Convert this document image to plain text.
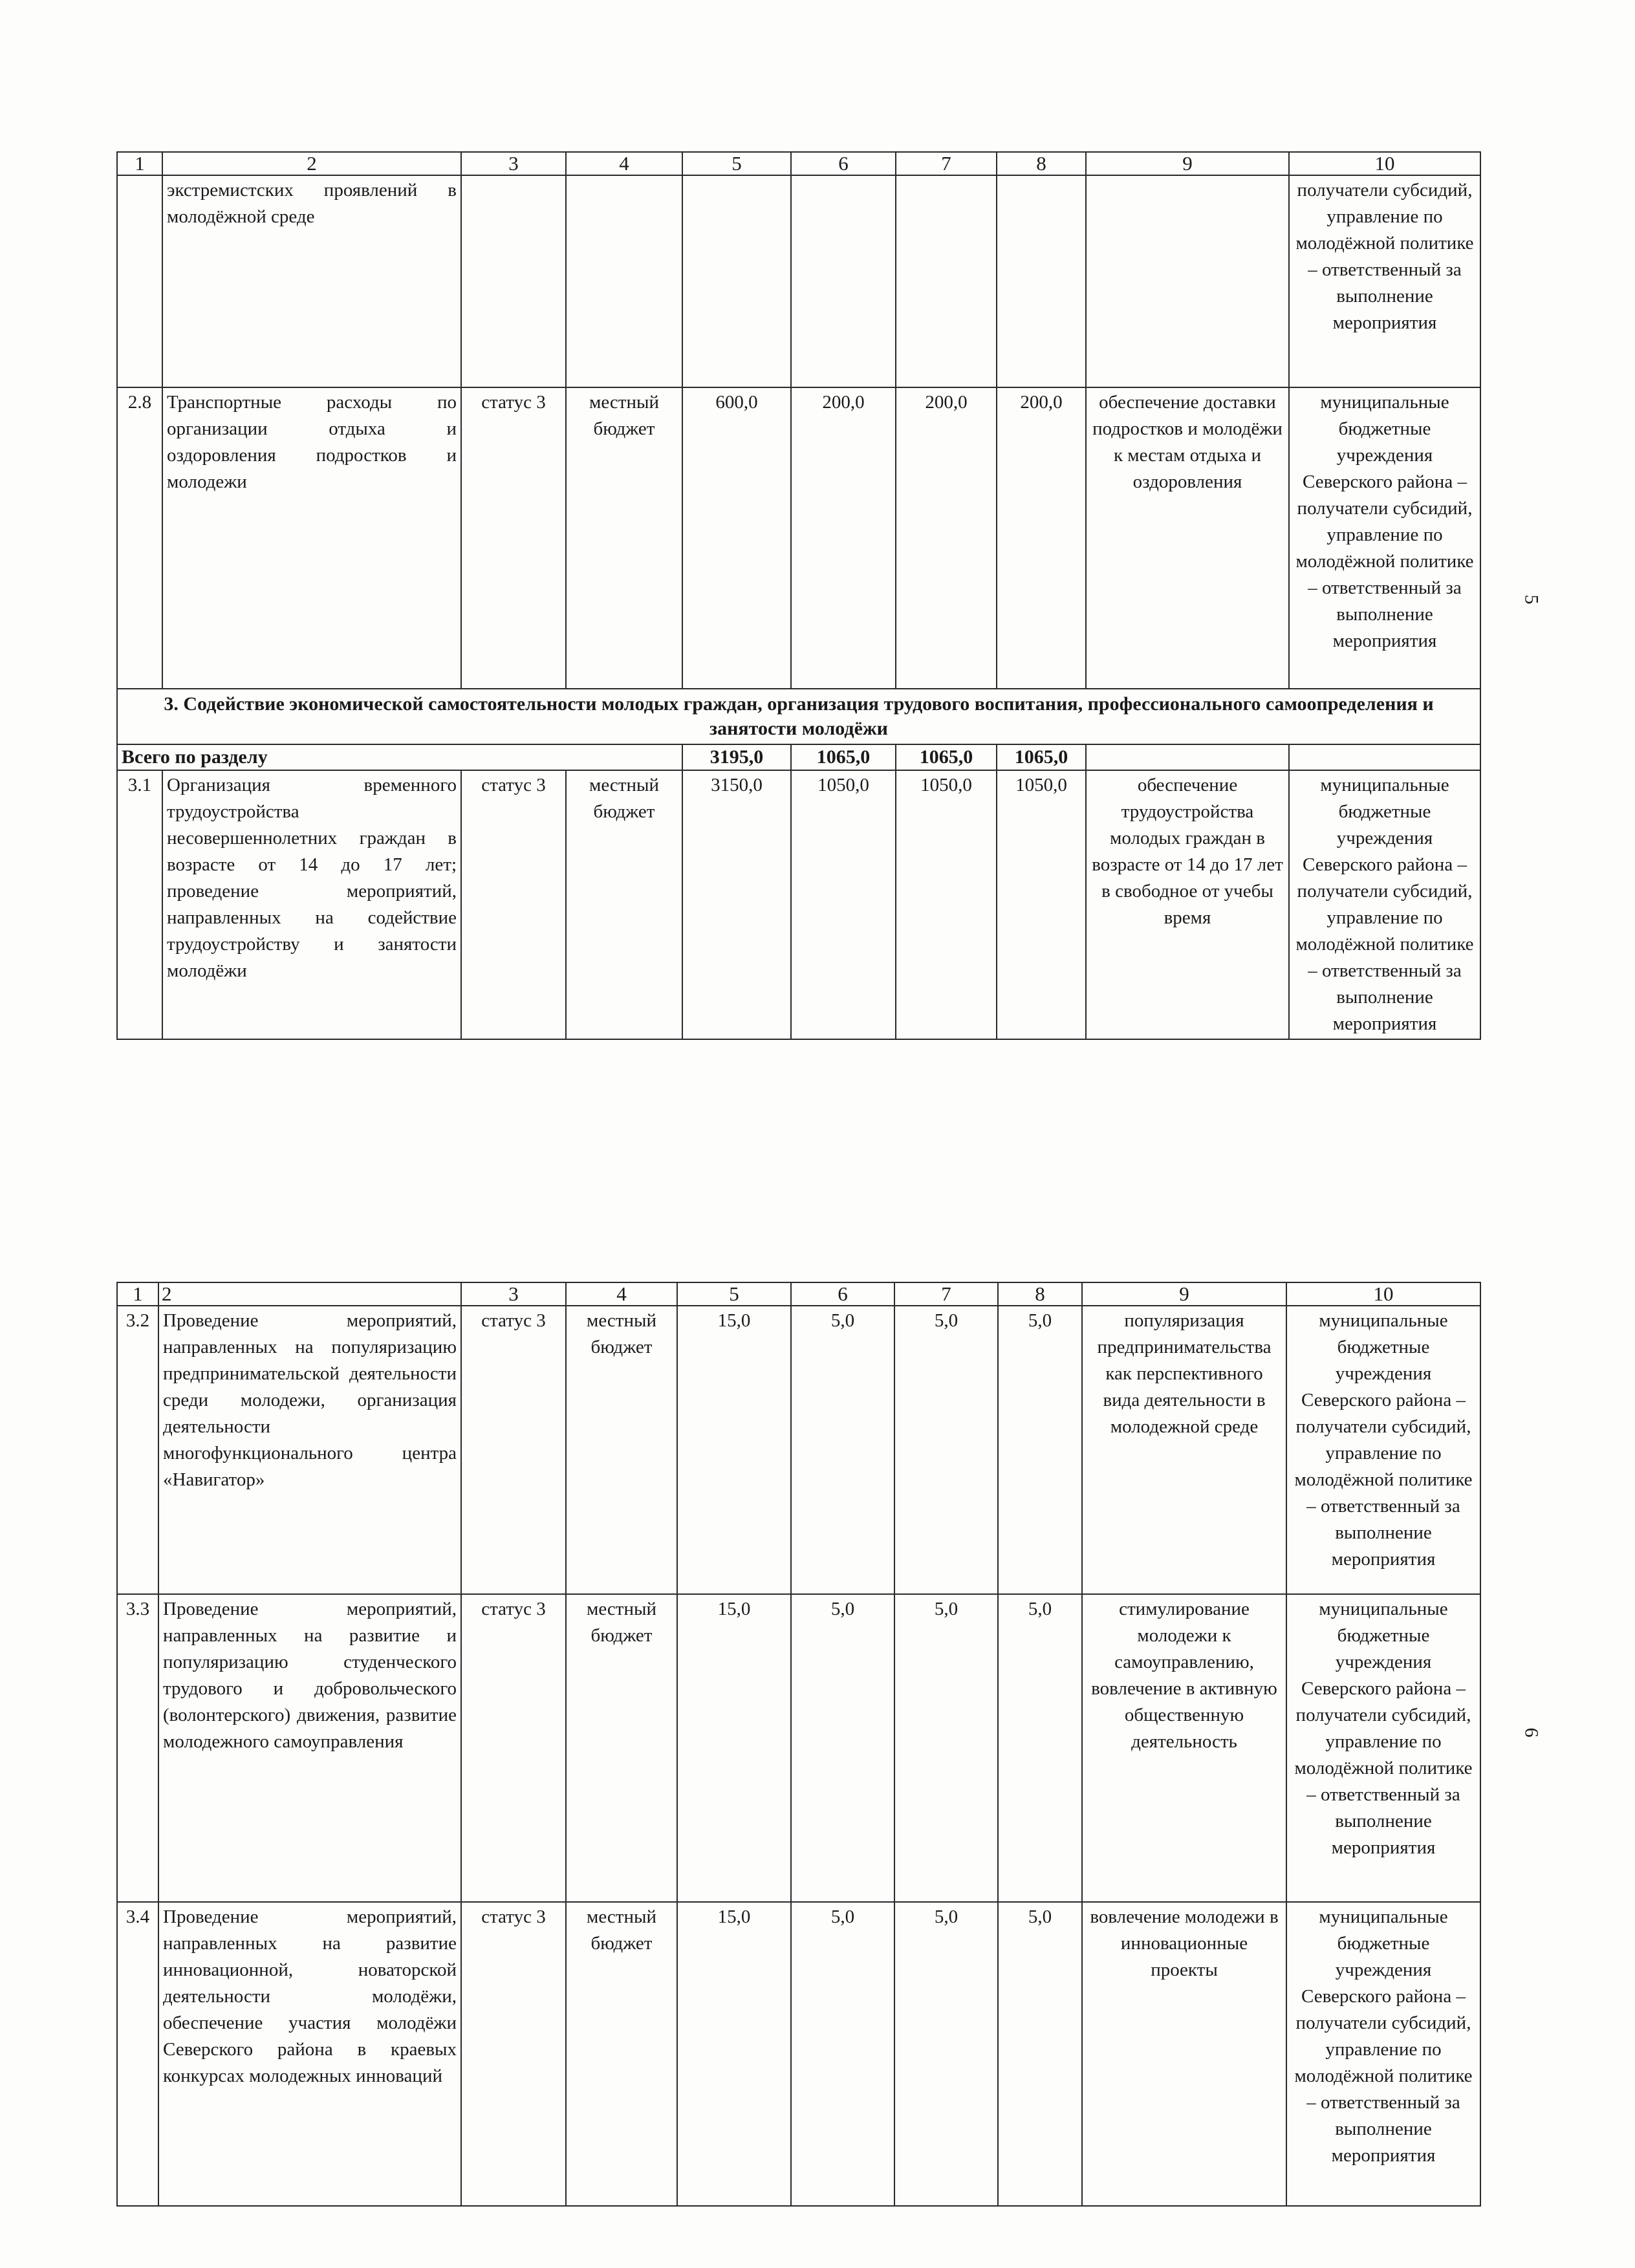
1	2	3	4	5	6	7	8	9	10
	экстремистских проявлений в молодёжной среде								получатели субсидий, управление по молодёжной политике – ответственный за выполнение мероприятия
2.8	Транспортные расходы по организации отдыха и оздоровления подростков и молодежи	статус 3	местный бюджет	600,0	200,0	200,0	200,0	обеспечение доставки подростков и молодёжи к местам отдыха и оздоровления	муниципальные бюджетные учреждения Северского района – получатели субсидий, управление по молодёжной политике – ответственный за выполнение мероприятия
3. Содействие экономической самостоятельности молодых граждан, организация трудового воспитания, профессионального самоопределения и занятости молодёжи									
Всего по разделу				3195,0	1065,0	1065,0	1065,0		
3.1	Организация временного трудоустройства несовершеннолетних граждан в возрасте от 14 до 17 лет; проведение мероприятий, направленных на содействие трудоустройству и занятости молодёжи	статус 3	местный бюджет	3150,0	1050,0	1050,0	1050,0	обеспечение трудоустройства молодых граждан в возрасте от 14 до 17 лет в свободное от учебы время	муниципальные бюджетные учреждения Северского района – получатели субсидий, управление по молодёжной политике – ответственный за выполнение мероприятия
1	2	3	4	5	6	7	8	9	10
3.2	Проведение мероприятий, направленных на популяризацию предпринимательской деятельности среди молодежи, организация деятельности многофункционального центра «Навигатор»	статус 3	местный бюджет	15,0	5,0	5,0	5,0	популяризация предпринимательства как перспективного вида деятельности в молодежной среде	муниципальные бюджетные учреждения Северского района – получатели субсидий, управление по молодёжной политике – ответственный за выполнение мероприятия
3.3	Проведение мероприятий, направленных на развитие и популяризацию студенческого трудового и добровольческого (волонтерского) движения, развитие молодежного самоуправления	статус 3	местный бюджет	15,0	5,0	5,0	5,0	стимулирование молодежи к самоуправлению, вовлечение в активную общественную деятельность	муниципальные бюджетные учреждения Северского района – получатели субсидий, управление по молодёжной политике – ответственный за выполнение мероприятия
3.4	Проведение мероприятий, направленных на развитие инновационной, новаторской деятельности молодёжи, обеспечение участия молодёжи Северского района в краевых конкурсах молодежных инноваций	статус 3	местный бюджет	15,0	5,0	5,0	5,0	вовлечение молодежи в инновационные проекты	муниципальные бюджетные учреждения Северского района – получатели субсидий, управление по молодёжной политике – ответственный за выполнение мероприятия
5
6
